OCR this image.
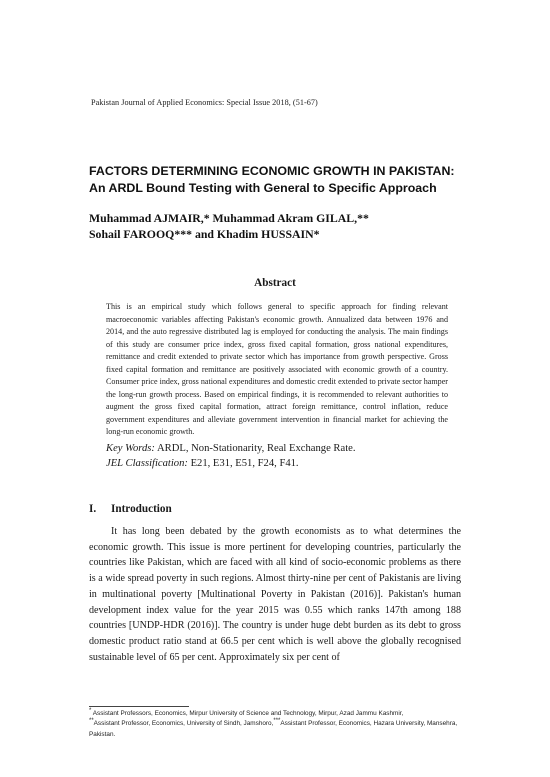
Pakistan Journal of Applied Economics: Special Issue 2018, (51-67)

FACTORS DETERMINING ECONOMIC GROWTH IN PAKISTAN:

An ARDL Bound Testing with General to Specific Approach

Muhammad AJMAIR,* Muhammad Akram GILAL,**

Sohail FAROOQ*** and Khadim HUSSAIN*

Abstract

This is an empirical study which follows general to specific approach for finding relevant macroeconomic variables affecting Pakistan's economic growth. Annualized data between 1976 and 2014, and the auto regressive distributed lag is employed for conducting the analysis. The main findings of this study are consumer price index, gross fixed capital formation, gross national expenditures, remittance and credit extended to private sector which has importance from growth perspective. Gross fixed capital formation and remittance are positively associated with economic growth of a country. Consumer price index, gross national expenditures and domestic credit extended to private sector hamper the long-run growth process. Based on empirical findings, it is recommended to relevant authorities to augment the gross fixed capital formation, attract foreign remittance, control inflation, reduce government expenditures and alleviate government intervention in financial market for achieving the long-run economic growth.

Key Words: ARDL, Non-Stationarity, Real Exchange Rate.

JEL Classification: E21, E31, E51, F24, F41.

I. Introduction

It has long been debated by the growth economists as to what determines the economic growth. This issue is more pertinent for developing countries, particularly the countries like Pakistan, which are faced with all kind of socio-economic problems as there is a wide spread poverty in such regions. Almost thirty-nine per cent of Pakistanis are living in multinational poverty [Multinational Poverty in Pakistan (2016)]. Pakistan's human development index value for the year 2015 was 0.55 which ranks 147th among 188 countries [UNDP-HDR (2016)]. The country is under huge debt burden as its debt to gross domestic product ratio stand at 66.5 per cent which is well above the globally recognised sustainable level of 65 per cent. Approximately six per cent of

* Assistant Professors, Economics, Mirpur University of Science and Technology, Mirpur, Azad Jammu Kashmir,
**Assistant Professor, Economics, University of Sindh, Jamshoro,***Assistant Professor, Economics, Hazara University, Mansehra, Pakistan.
